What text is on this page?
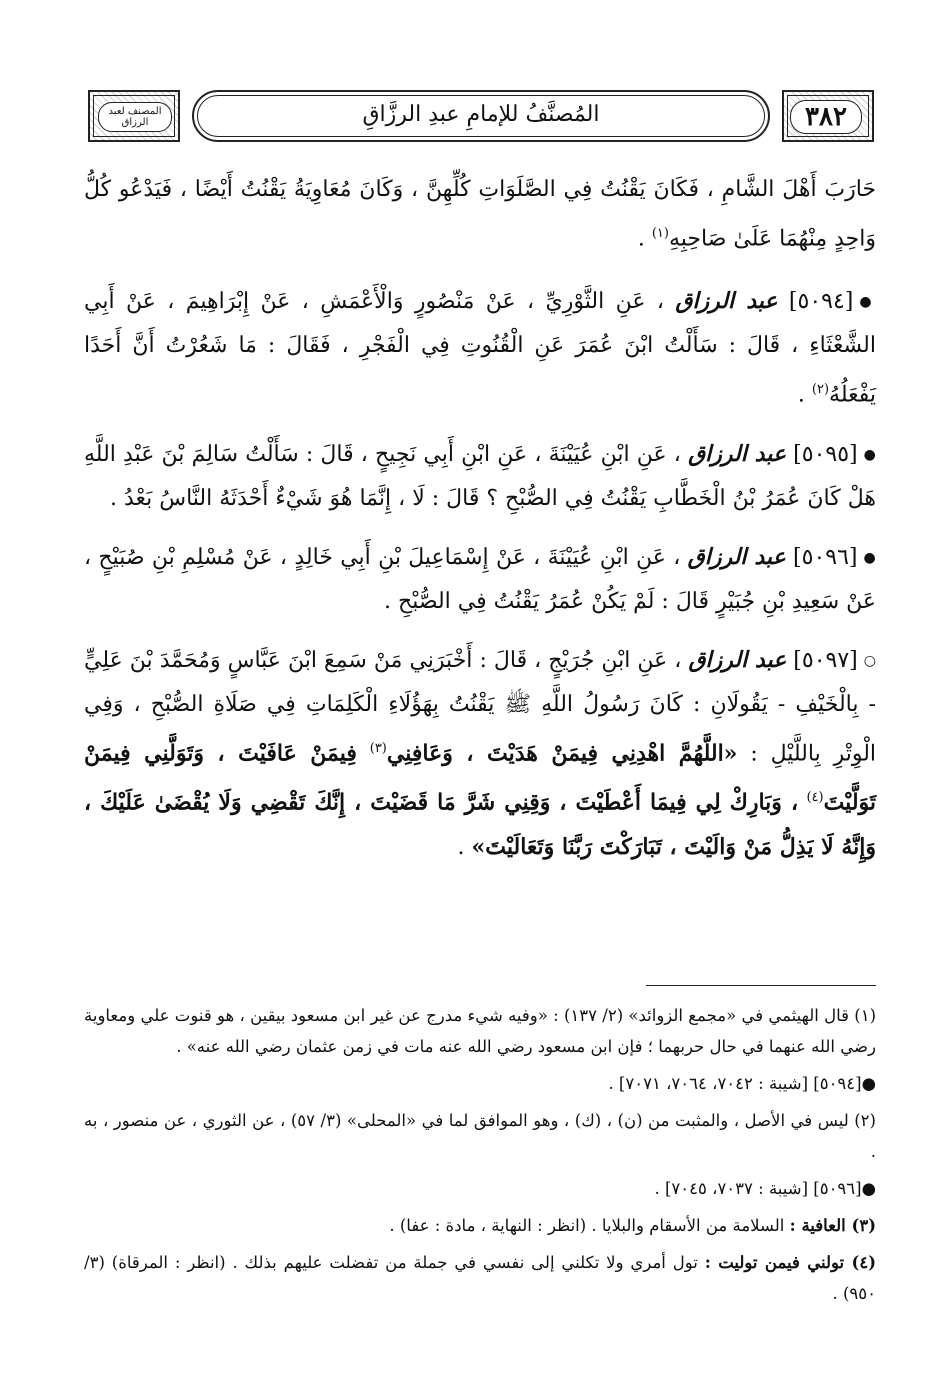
المصنف لعبد الرزاق	المُصنَّفُ للإمامِ عبدِ الرزَّاقِ	٣٨٢

حَارَبَ أَهْلَ الشَّامِ ، فَكَانَ يَقْنُتُ فِي الصَّلَوَاتِ كُلِّهِنَّ ، وَكَانَ مُعَاوِيَةُ يَقْنُتُ أَيْضًا ، فَيَدْعُو كُلُّ وَاحِدٍ مِنْهُمَا عَلَىٰ صَاحِبِهِ$^{(١)}$ .

●[٥٠٩٤] عبد الرزاق ، عَنِ الثَّوْرِيِّ ، عَنْ مَنْصُورٍ وَالْأَعْمَشِ ، عَنْ إِبْرَاهِيمَ ، عَنْ أَبِي الشَّعْثَاءِ ، قَالَ : سَأَلْتُ ابْنَ عُمَرَ عَنِ الْقُنُوتِ فِي الْفَجْرِ ، فَقَالَ : مَا شَعُرْتُ أَنَّ أَحَدًا يَفْعَلُهُ$^{(٢)}$ .

●[٥٠٩٥] عبد الرزاق ، عَنِ ابْنِ عُيَيْنَةَ ، عَنِ ابْنِ أَبِي نَجِيحٍ ، قَالَ : سَأَلْتُ سَالِمَ بْنَ عَبْدِ اللَّهِ هَلْ كَانَ عُمَرُ بْنُ الْخَطَّابِ يَقْنُتُ فِي الصُّبْحِ ؟ قَالَ : لَا ، إِنَّمَا هُوَ شَيْءٌ أَحْدَثَهُ النَّاسُ بَعْدُ .

●[٥٠٩٦] عبد الرزاق ، عَنِ ابْنِ عُيَيْنَةَ ، عَنْ إِسْمَاعِيلَ بْنِ أَبِي خَالِدٍ ، عَنْ مُسْلِمِ بْنِ صُبَيْحٍ ، عَنْ سَعِيدِ بْنِ جُبَيْرٍ قَالَ : لَمْ يَكُنْ عُمَرُ يَقْنُتُ فِي الصُّبْحِ .

○[٥٠٩٧] عبد الرزاق ، عَنِ ابْنِ جُرَيْجٍ ، قَالَ : أَخْبَرَنِي مَنْ سَمِعَ ابْنَ عَبَّاسٍ وَمُحَمَّدَ بْنَ عَلِيٍّ - بِالْخَيْفِ - يَقُولَانِ : كَانَ رَسُولُ اللَّهِ ﷺ يَقْنُتُ بِهَؤُلَاءِ الْكَلِمَاتِ فِي صَلَاةِ الصُّبْحِ ، وَفِي الْوِتْرِ بِاللَّيْلِ : «اللَّهُمَّ اهْدِنِي فِيمَنْ هَدَيْتَ ، وَعَافِنِي$^{(٣)}$ فِيمَنْ عَافَيْتَ ، وَتَوَلَّنِي فِيمَنْ تَوَلَّيْتَ$^{(٤)}$ ، وَبَارِكْ لِي فِيمَا أَعْطَيْتَ ، وَقِنِي شَرَّ مَا قَضَيْتَ ، إِنَّكَ تَقْضِي وَلَا يُقْضَىٰ عَلَيْكَ ، وَإِنَّهُ لَا يَذِلُّ مَنْ وَالَيْتَ ، تَبَارَكْتَ رَبَّنَا وَتَعَالَيْتَ» .

(١) قال الهيثمي في «مجمع الزوائد» (٢/ ١٣٧) : «وفيه شيء مدرج عن غير ابن مسعود بيقين ، هو قنوت علي ومعاوية رضي الله عنهما في حال حربهما ؛ فإن ابن مسعود رضي الله عنه مات في زمن عثمان رضي الله عنه» .

●[٥٠٩٤] [شيبة : ٧٠٤٢، ٧٠٦٤، ٧٠٧١] .

(٢) ليس في الأصل ، والمثبت من (ن) ، (ك) ، وهو الموافق لما في «المحلى» (٣/ ٥٧) ، عن الثوري ، عن منصور ، به .

●[٥٠٩٦] [شيبة : ٧٠٣٧، ٧٠٤٥] .

(٣) العافية : السلامة من الأسقام والبلايا . (انظر : النهاية ، مادة : عفا) .

(٤) تولني فيمن توليت : تول أمري ولا تكلني إلى نفسي في جملة من تفضلت عليهم بذلك . (انظر : المرقاة) (٣/ ٩٥٠) .
